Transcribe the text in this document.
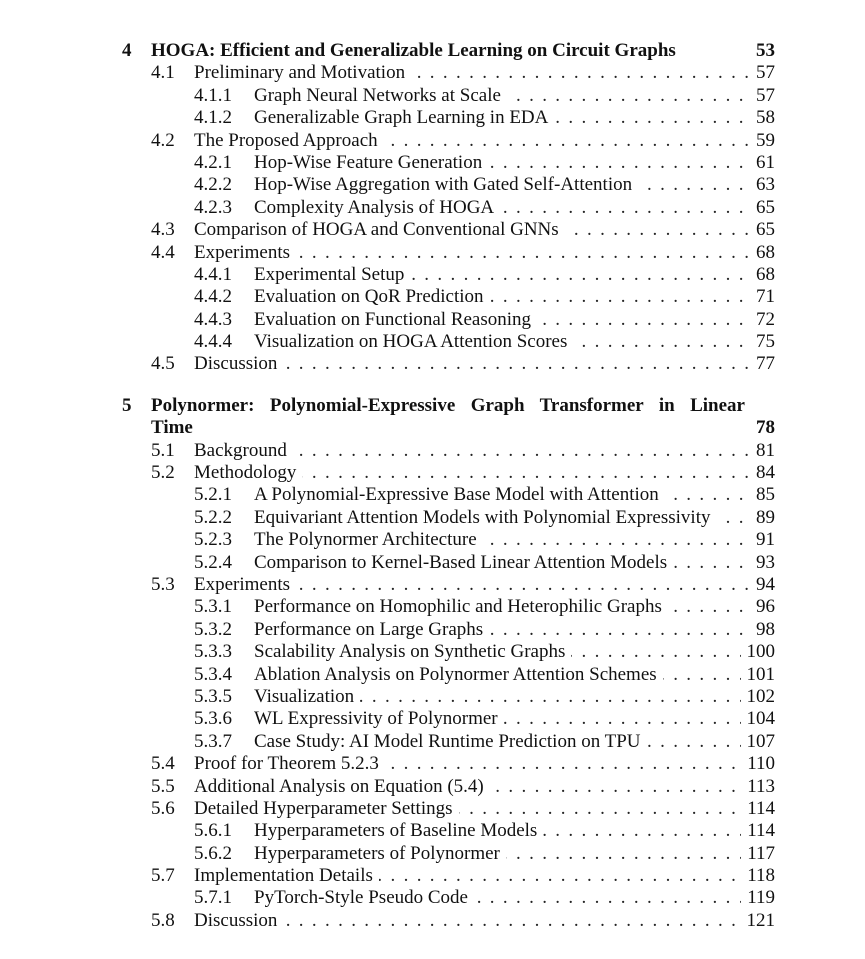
4 HOGA: Efficient and Generalizable Learning on Circuit Graphs	53
. . .
4.1 Preliminary and Motivation	57
. . .
4.1.1 Graph Neural Networks at Scale	57
. . .
4.1.2 Generalizable Graph Learning in EDA	58
. . .
4.2 The Proposed Approach	59
. . .
4.2.1 Hop-Wise Feature Generation	61
. . .
4.2.2 Hop-Wise Aggregation with Gated Self-Attention	63
. . .
4.2.3 Complexity Analysis of HOGA	65
. . .
4.3 Comparison of HOGA and Conventional GNNs	65
. . .
4.4 Experiments	68
. . .
4.4.1 Experimental Setup	68
. . .
4.4.2 Evaluation on QoR Prediction	71
. . .
4.4.3 Evaluation on Functional Reasoning	72
. . .
4.4.4 Visualization on HOGA Attention Scores	75
. . .
4.5 Discussion	77
5 Polynormer: Polynomial-Expressive Graph Transformer in Linear
Time	78
. . .
5.1 Background	81
. . .
5.2 Methodology	84
. . .
5.2.1 A Polynomial-Expressive Base Model with Attention	85
. . .
5.2.2 Equivariant Attention Models with Polynomial Expressivity	89
. . .
5.2.3 The Polynormer Architecture	91
. . .
5.2.4 Comparison to Kernel-Based Linear Attention Models	93
. . .
5.3 Experiments	94
. . .
5.3.1 Performance on Homophilic and Heterophilic Graphs	96
. . .
5.3.2 Performance on Large Graphs	98
. . .
5.3.3 Scalability Analysis on Synthetic Graphs	100
. . .
5.3.4 Ablation Analysis on Polynormer Attention Schemes	101
. . .
5.3.5 Visualization	102
. . .
5.3.6 WL Expressivity of Polynormer	104
. . .
5.3.7 Case Study: AI Model Runtime Prediction on TPU	107
. . .
5.4 Proof for Theorem 5.2.3	110
. . .
5.5 Additional Analysis on Equation (5.4)	113
. . .
5.6 Detailed Hyperparameter Settings	114
. . .
5.6.1 Hyperparameters of Baseline Models	114
. . .
5.6.2 Hyperparameters of Polynormer	117
. . .
5.7 Implementation Details	118
. . .
5.7.1 PyTorch-Style Pseudo Code	119
. . .
5.8 Discussion	121
